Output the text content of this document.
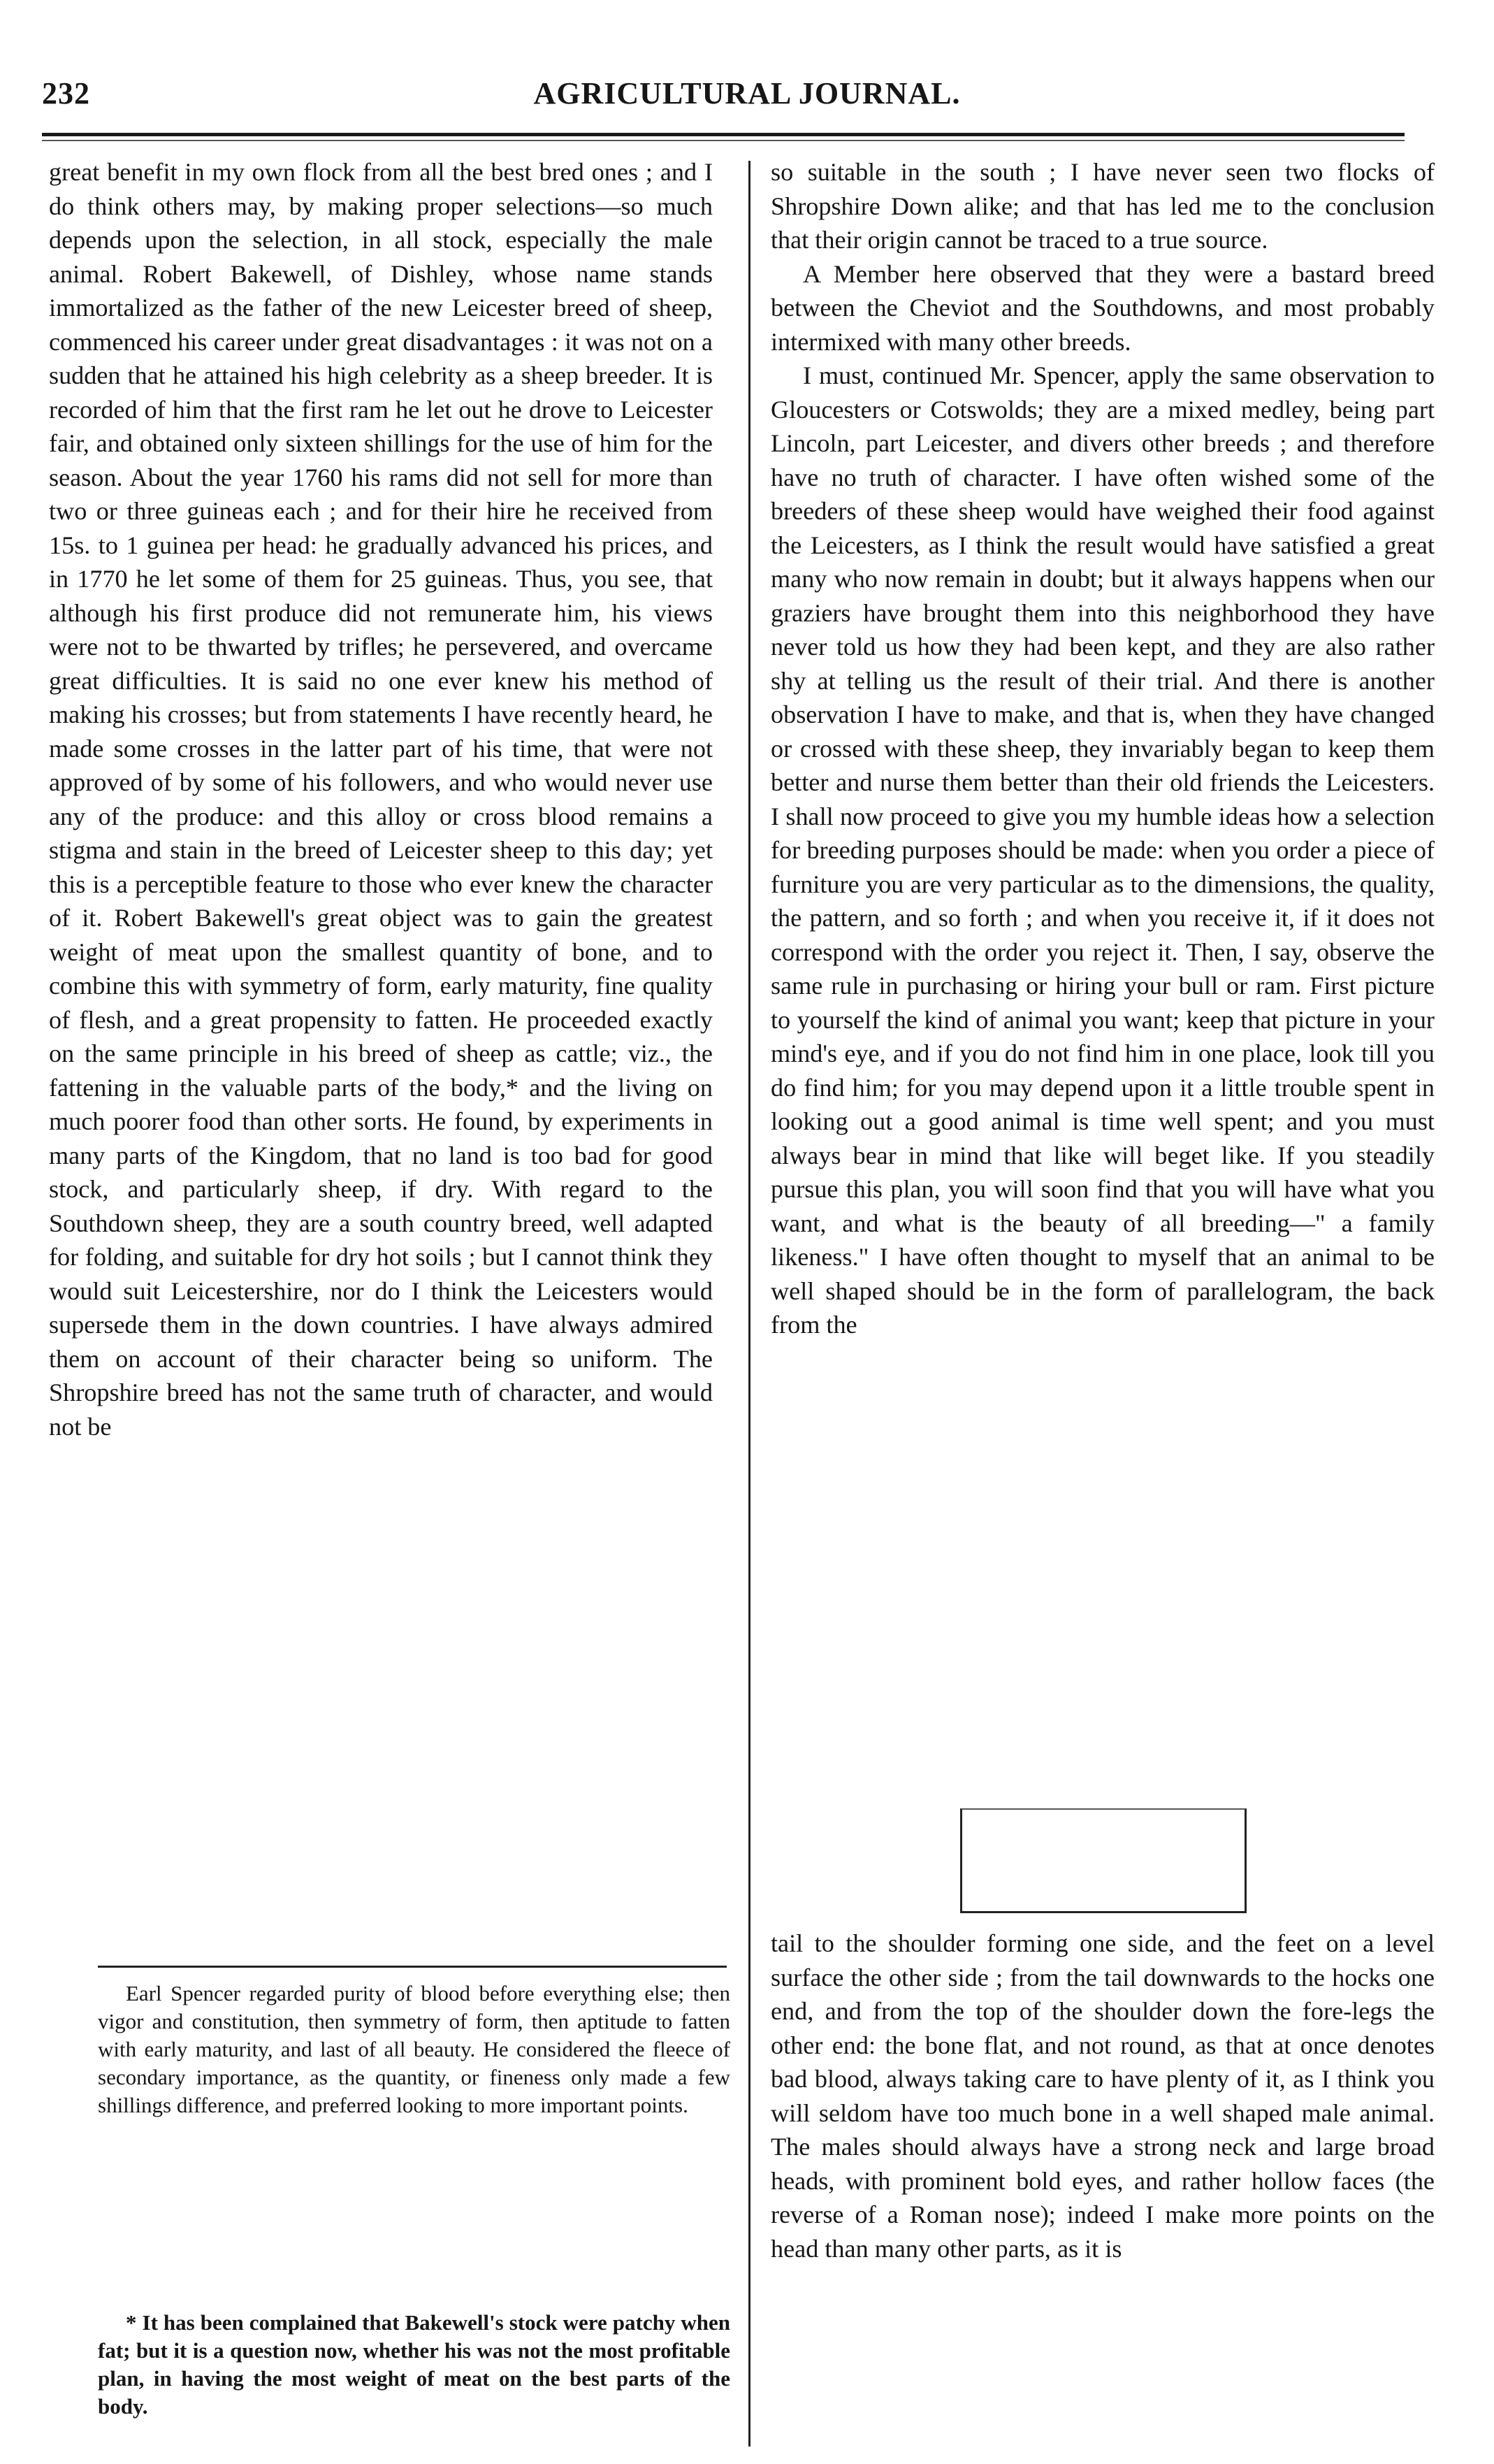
232	AGRICULTURAL JOURNAL.

great benefit in my own flock from all the best bred ones ; and I do think others may, by making proper selections—so much depends upon the selection, in all stock, especially the male animal. Robert Bakewell, of Dishley, whose name stands immortalized as the father of the new Leicester breed of sheep, commenced his career under great disadvantages : it was not on a sudden that he attained his high celebrity as a sheep breeder. It is recorded of him that the first ram he let out he drove to Leicester fair, and obtained only sixteen shillings for the use of him for the season. About the year 1760 his rams did not sell for more than two or three guineas each ; and for their hire he received from 15s. to 1 guinea per head: he gradually advanced his prices, and in 1770 he let some of them for 25 guineas. Thus, you see, that although his first produce did not remunerate him, his views were not to be thwarted by trifles; he persevered, and overcame great difficulties. It is said no one ever knew his method of making his crosses; but from statements I have recently heard, he made some crosses in the latter part of his time, that were not approved of by some of his followers, and who would never use any of the produce: and this alloy or cross blood remains a stigma and stain in the breed of Leicester sheep to this day; yet this is a perceptible feature to those who ever knew the character of it. Robert Bakewell's great object was to gain the greatest weight of meat upon the smallest quantity of bone, and to combine this with symmetry of form, early maturity, fine quality of flesh, and a great propensity to fatten. He proceeded exactly on the same principle in his breed of sheep as cattle; viz., the fattening in the valuable parts of the body,* and the living on much poorer food than other sorts. He found, by experiments in many parts of the Kingdom, that no land is too bad for good stock, and particularly sheep, if dry. With regard to the Southdown sheep, they are a south country breed, well adapted for folding, and suitable for dry hot soils ; but I cannot think they would suit Leicestershire, nor do I think the Leicesters would supersede them in the down countries. I have always admired them on account of their character being so uniform. The Shropshire breed has not the same truth of character, and would not be

so suitable in the south ; I have never seen two flocks of Shropshire Down alike; and that has led me to the conclusion that their origin cannot be traced to a true source.

A Member here observed that they were a bastard breed between the Cheviot and the Southdowns, and most probably intermixed with many other breeds.

I must, continued Mr. Spencer, apply the same observation to Gloucesters or Cotswolds; they are a mixed medley, being part Lincoln, part Leicester, and divers other breeds ; and therefore have no truth of character. I have often wished some of the breeders of these sheep would have weighed their food against the Leicesters, as I think the result would have satisfied a great many who now remain in doubt; but it always happens when our graziers have brought them into this neighborhood they have never told us how they had been kept, and they are also rather shy at telling us the result of their trial. And there is another observation I have to make, and that is, when they have changed or crossed with these sheep, they invariably began to keep them better and nurse them better than their old friends the Leicesters. I shall now proceed to give you my humble ideas how a selection for breeding purposes should be made: when you order a piece of furniture you are very particular as to the dimensions, the quality, the pattern, and so forth ; and when you receive it, if it does not correspond with the order you reject it. Then, I say, observe the same rule in purchasing or hiring your bull or ram. First picture to yourself the kind of animal you want; keep that picture in your mind's eye, and if you do not find him in one place, look till you do find him; for you may depend upon it a little trouble spent in looking out a good animal is time well spent; and you must always bear in mind that like will beget like. If you steadily pursue this plan, you will soon find that you will have what you want, and what is the beauty of all breeding—" a family likeness." I have often thought to myself that an animal to be well shaped should be in the form of parallelogram, the back from the

tail to the shoulder forming one side, and the feet on a level surface the other side ; from the tail downwards to the hocks one end, and from the top of the shoulder down the fore-legs the other end: the bone flat, and not round, as that at once denotes bad blood, always taking care to have plenty of it, as I think you will seldom have too much bone in a well shaped male animal. The males should always have a strong neck and large broad heads, with prominent bold eyes, and rather hollow faces (the reverse of a Roman nose); indeed I make more points on the head than many other parts, as it is
Earl Spencer regarded purity of blood before everything else; then vigor and constitution, then symmetry of form, then aptitude to fatten with early maturity, and last of all beauty. He considered the fleece of secondary importance, as the quantity, or fineness only made a few shillings difference, and preferred looking to more important points.
* It has been complained that Bakewell's stock were patchy when fat; but it is a question now, whether his was not the most profitable plan, in having the most weight of meat on the best parts of the body.
